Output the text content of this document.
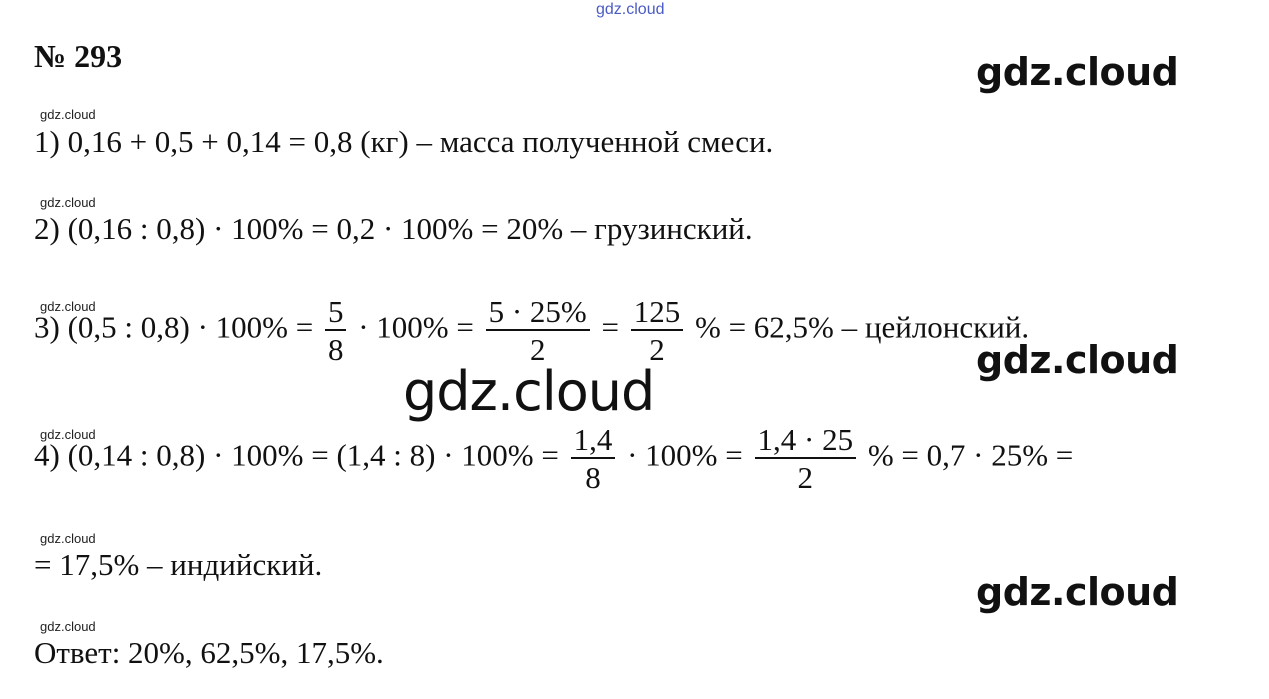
gdz.cloud
№ 293	gdz.cloud
gdz.cloud
gdz.cloud
gdz.cloud
1) 0,16 + 0,5 + 0,14 = 0,8 (кг) – масса полученной смеси.
gdz.cloud
2) (0,16 : 0,8) · 100% = 0,2 · 100% = 20% – грузинский.
gdz.cloud
3) (0,5 : $0,8) \cdot 100\% = \frac{5}{8} \cdot 100\% = \frac{5 \cdot 25\%}{2} = \frac{125}{2}$ % = 62,5% – цейлонский.
gdz.cloud
gdz.cloud
4) (0,14 : 0,8) · 100% = (1,4 : $8) \cdot 100\% = \frac{1,4}{8} \cdot 100\% = \frac{1,4 \cdot 25}{2}$ % = 0,7 · 25% =
gdz.cloud
= 17,5% – индийский.
gdz.cloud
Ответ: 20%, 62,5%, 17,5%.
